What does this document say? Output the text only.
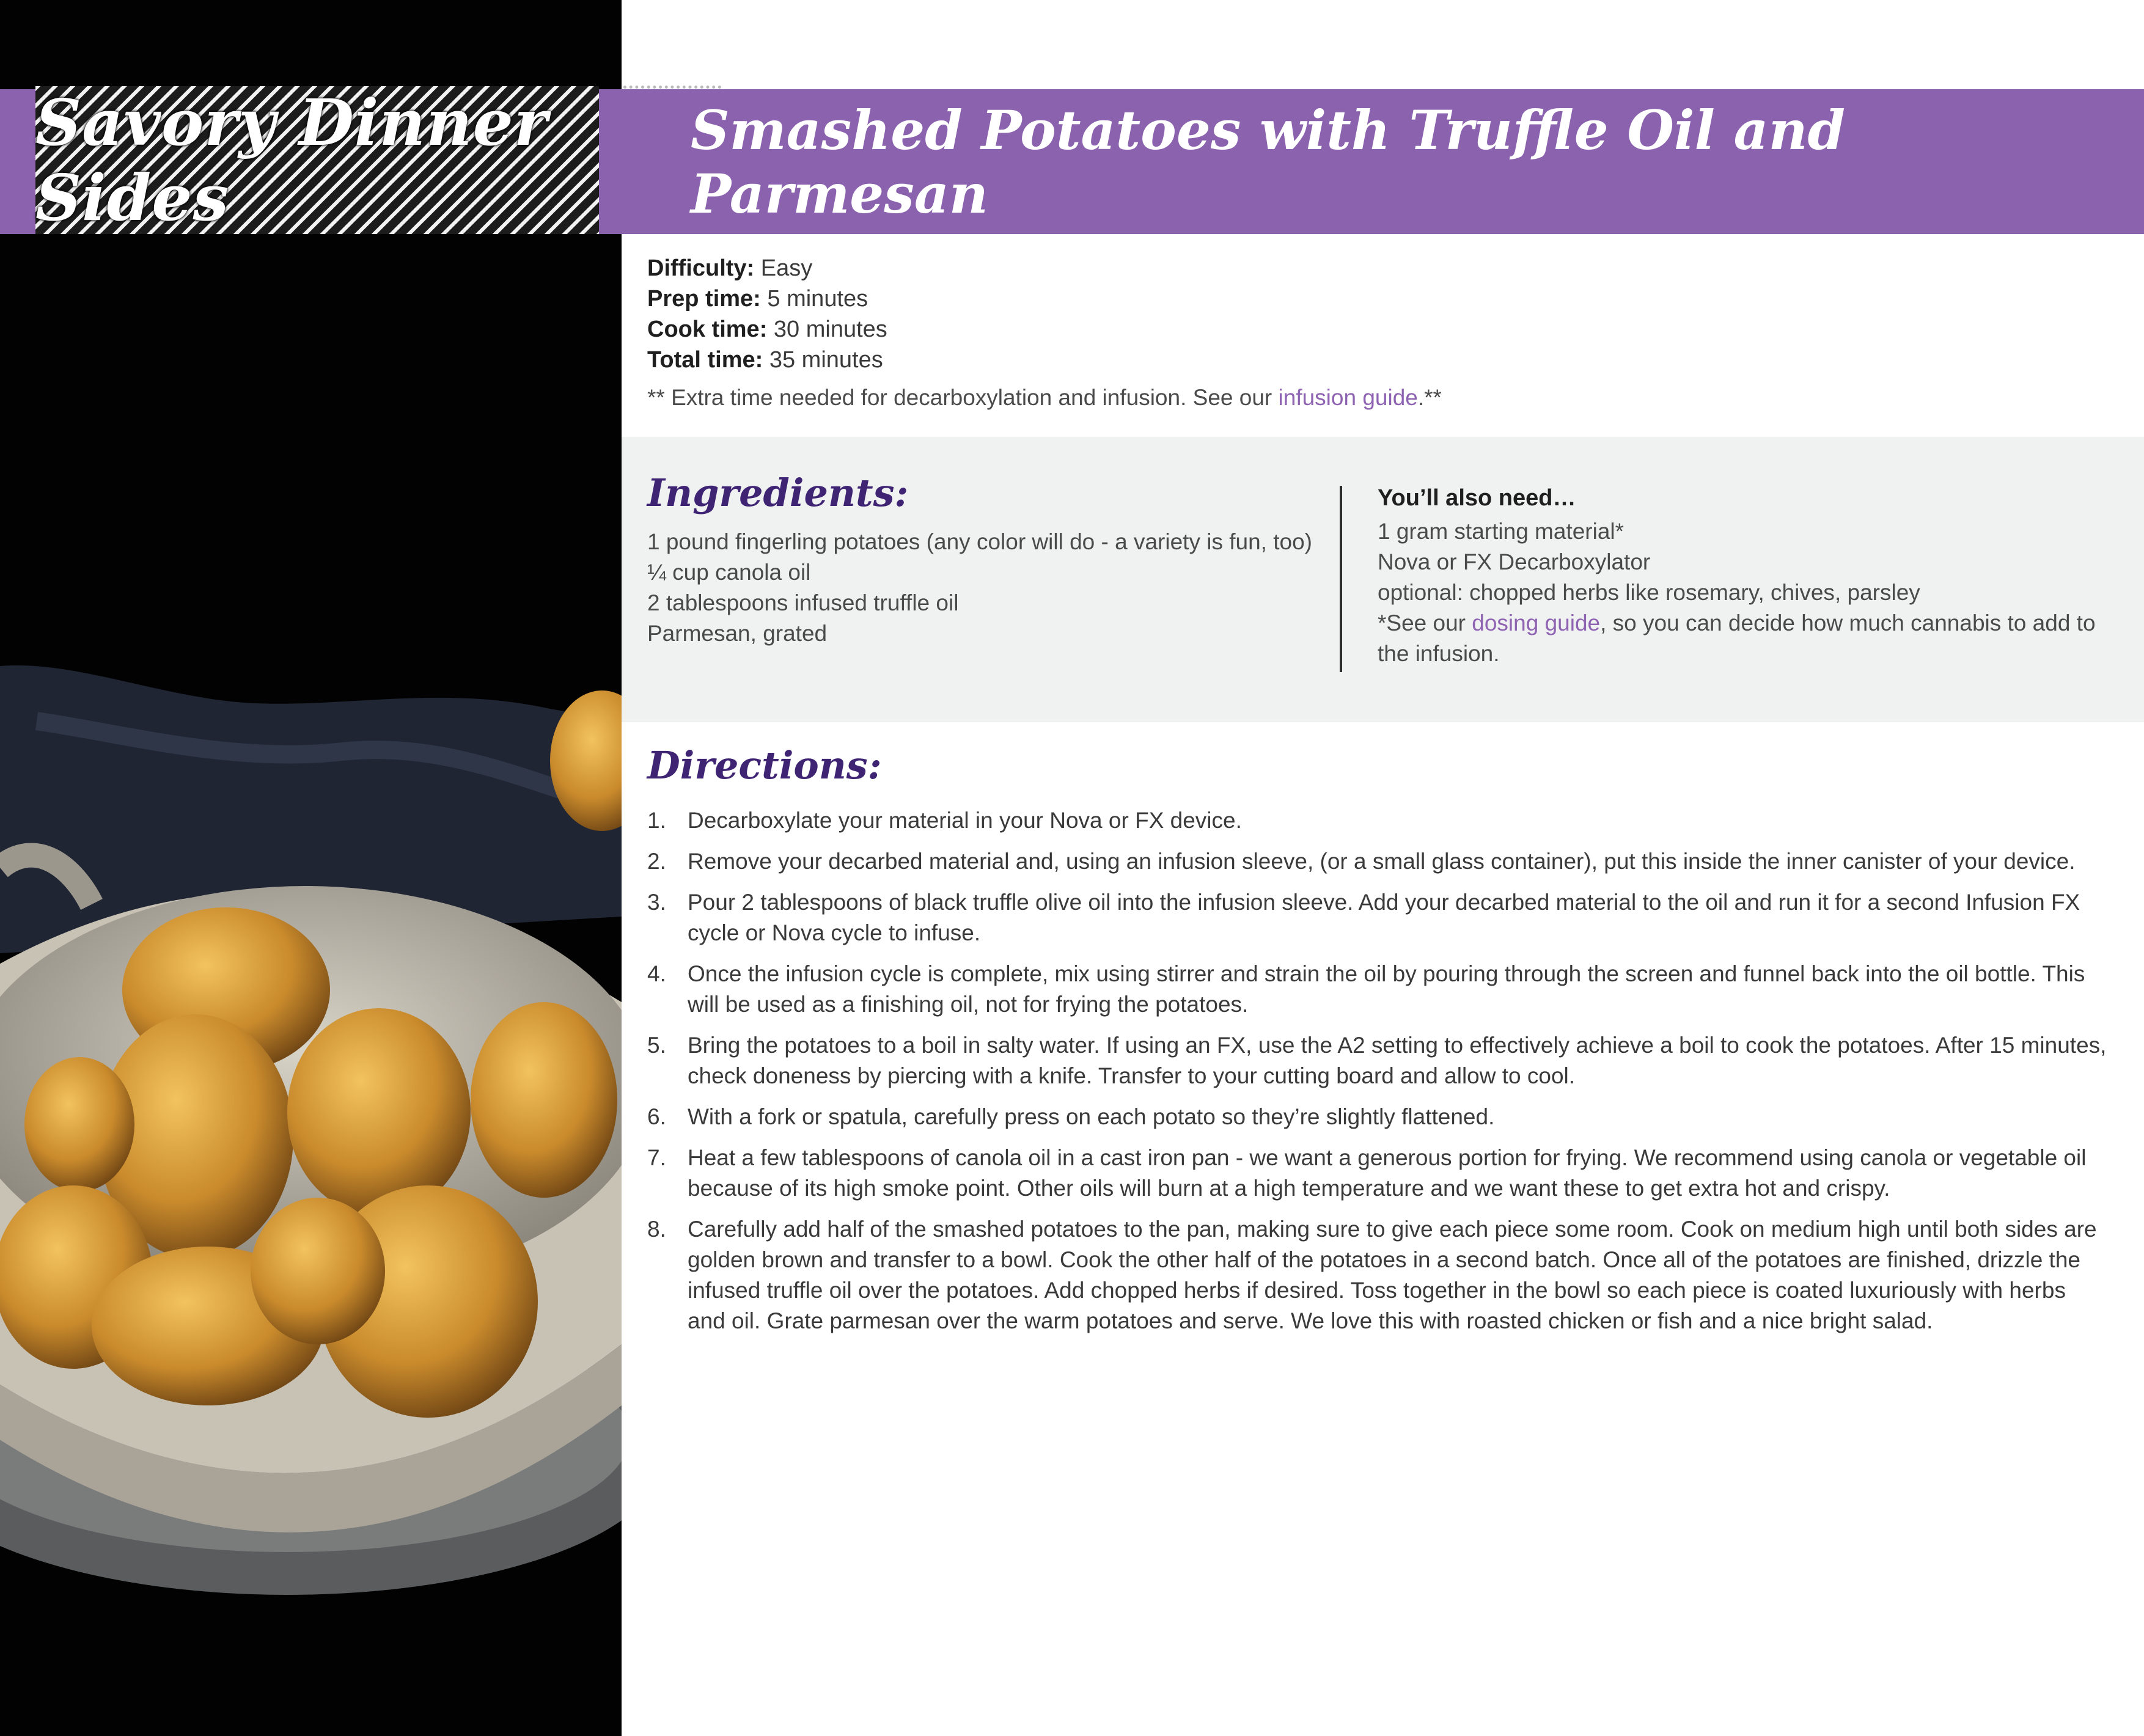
Savory Dinner Sides
Smashed Potatoes with Truffle Oil and Parmesan
Difficulty: Easy
Prep time: 5 minutes
Cook time: 30 minutes
Total time: 35 minutes
** Extra time needed for decarboxylation and infusion. See our infusion guide.**
Ingredients:
1 pound fingerling potatoes (any color will do - a variety is fun, too)
¼ cup canola oil
2 tablespoons infused truffle oil
Parmesan, grated
You’ll also need…
1 gram starting material*
Nova or FX Decarboxylator
optional: chopped herbs like rosemary, chives, parsley
*See our dosing guide, so you can decide how much cannabis to add to the infusion.
Directions:
1. Decarboxylate your material in your Nova or FX device.
2. Remove your decarbed material and, using an infusion sleeve, (or a small glass container), put this inside the inner canister of your device.
3. Pour 2 tablespoons of black truffle olive oil into the infusion sleeve. Add your decarbed material to the oil and run it for a second Infusion FX cycle or Nova cycle to infuse.
4. Once the infusion cycle is complete, mix using stirrer and strain the oil by pouring through the screen and funnel back into the oil bottle. This will be used as a finishing oil, not for frying the potatoes.
5. Bring the potatoes to a boil in salty water. If using an FX, use the A2 setting to effectively achieve a boil to cook the potatoes. After 15 minutes, check doneness by piercing with a knife. Transfer to your cutting board and allow to cool.
6. With a fork or spatula, carefully press on each potato so they’re slightly flattened.
7. Heat a few tablespoons of canola oil in a cast iron pan - we want a generous portion for frying. We recommend using canola or vegetable oil because of its high smoke point. Other oils will burn at a high temperature and we want these to get extra hot and crispy.
8. Carefully add half of the smashed potatoes to the pan, making sure to give each piece some room. Cook on medium high until both sides are golden brown and transfer to a bowl. Cook the other half of the potatoes in a second batch. Once all of the potatoes are finished, drizzle the infused truffle oil over the potatoes. Add chopped herbs if desired. Toss together in the bowl so each piece is coated luxuriously with herbs and oil. Grate parmesan over the warm potatoes and serve. We love this with roasted chicken or fish and a nice bright salad.
